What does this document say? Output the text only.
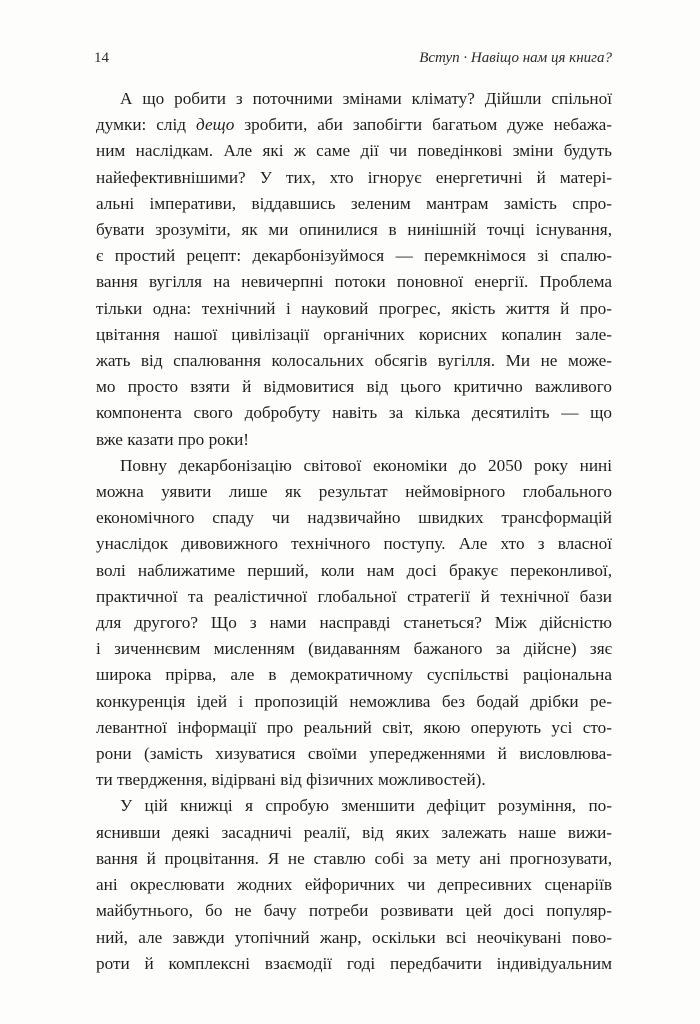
14	Вступ · Навіщо нам ця книга?

А що робити з поточними змінами клімату? Дійшли спільної
думки: слід дещо зробити, аби запобігти багатьом дуже небажа-
ним наслідкам. Але які ж саме дії чи поведінкові зміни будуть
найефективнішими? У тих, хто ігнорує енергетичні й матері-
альні імперативи, віддавшись зеленим мантрам замість спро-
бувати зрозуміти, як ми опинилися в нинішній точці існування,
є простий рецепт: декарбонізуймося — перемкнімося зі спалю-
вання вугілля на невичерпні потоки поновної енергії. Проблема
тільки одна: технічний і науковий прогрес, якість життя й про-
цвітання нашої цивілізації органічних корисних копалин зале-
жать від спалювання колосальних обсягів вугілля. Ми не може-
мо просто взяти й відмовитися від цього критично важливого
компонента свого добробуту навіть за кілька десятиліть — що
вже казати про роки!

Повну декарбонізацію світової економіки до 2050 року нині
можна уявити лише як результат неймовірного глобального
економічного спаду чи надзвичайно швидких трансформацій
унаслідок дивовижного технічного поступу. Але хто з власної
волі наближатиме перший, коли нам досі бракує переконливої,
практичної та реалістичної глобальної стратегії й технічної бази
для другого? Що з нами насправді станеться? Між дійсністю
і зиченнєвим мисленням (видаванням бажаного за дійсне) зяє
широка прірва, але в демократичному суспільстві раціональна
конкуренція ідей і пропозицій неможлива без бодай дрібки ре-
левантної інформації про реальний світ, якою оперують усі сто-
рони (замість хизуватися своїми упередженнями й висловлюва-
ти твердження, відірвані від фізичних можливостей).

У цій книжці я спробую зменшити дефіцит розуміння, по-
яснивши деякі засадничі реалії, від яких залежать наше вижи-
вання й процвітання. Я не ставлю собі за мету ані прогнозувати,
ані окреслювати жодних ейфоричних чи депресивних сценаріїв
майбутнього, бо не бачу потреби розвивати цей досі популяр-
ний, але завжди утопічний жанр, оскільки всі неочікувані пово-
роти й комплексні взаємодії годі передбачити індивідуальним
